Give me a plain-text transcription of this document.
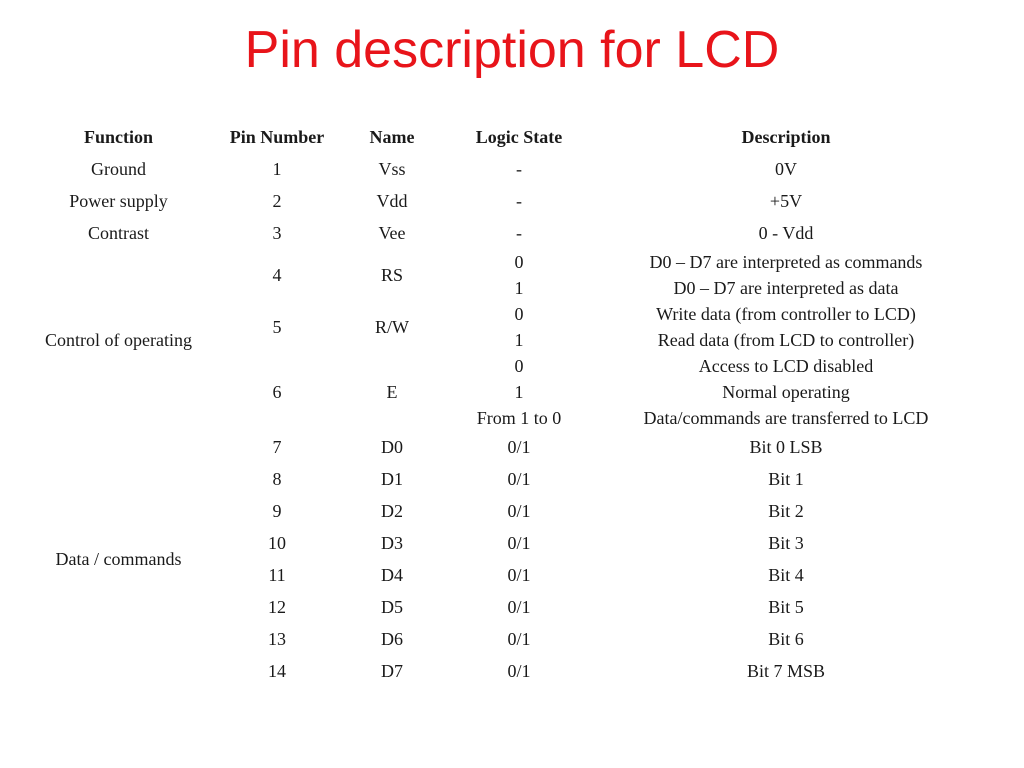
Pin description for LCD
Function	Pin Number	Name	Logic State	Description
Ground	1	Vss	-	0V
Power supply	2	Vdd	-	+5V
Contrast	3	Vee	-	0 - Vdd
Control of operating	4	RS	0	D0 – D7 are interpreted as commands
			1	D0 – D7 are interpreted as data
	5	R/W	0	Write data (from controller to LCD)
			1	Read data (from LCD to controller)
	6	E	0	Access to LCD disabled
			1	Normal operating
			From 1 to 0	Data/commands are transferred to LCD
Data / commands	7	D0	0/1	Bit 0 LSB
	8	D1	0/1	Bit 1
	9	D2	0/1	Bit 2
	10	D3	0/1	Bit 3
	11	D4	0/1	Bit 4
	12	D5	0/1	Bit 5
	13	D6	0/1	Bit 6
	14	D7	0/1	Bit 7 MSB
